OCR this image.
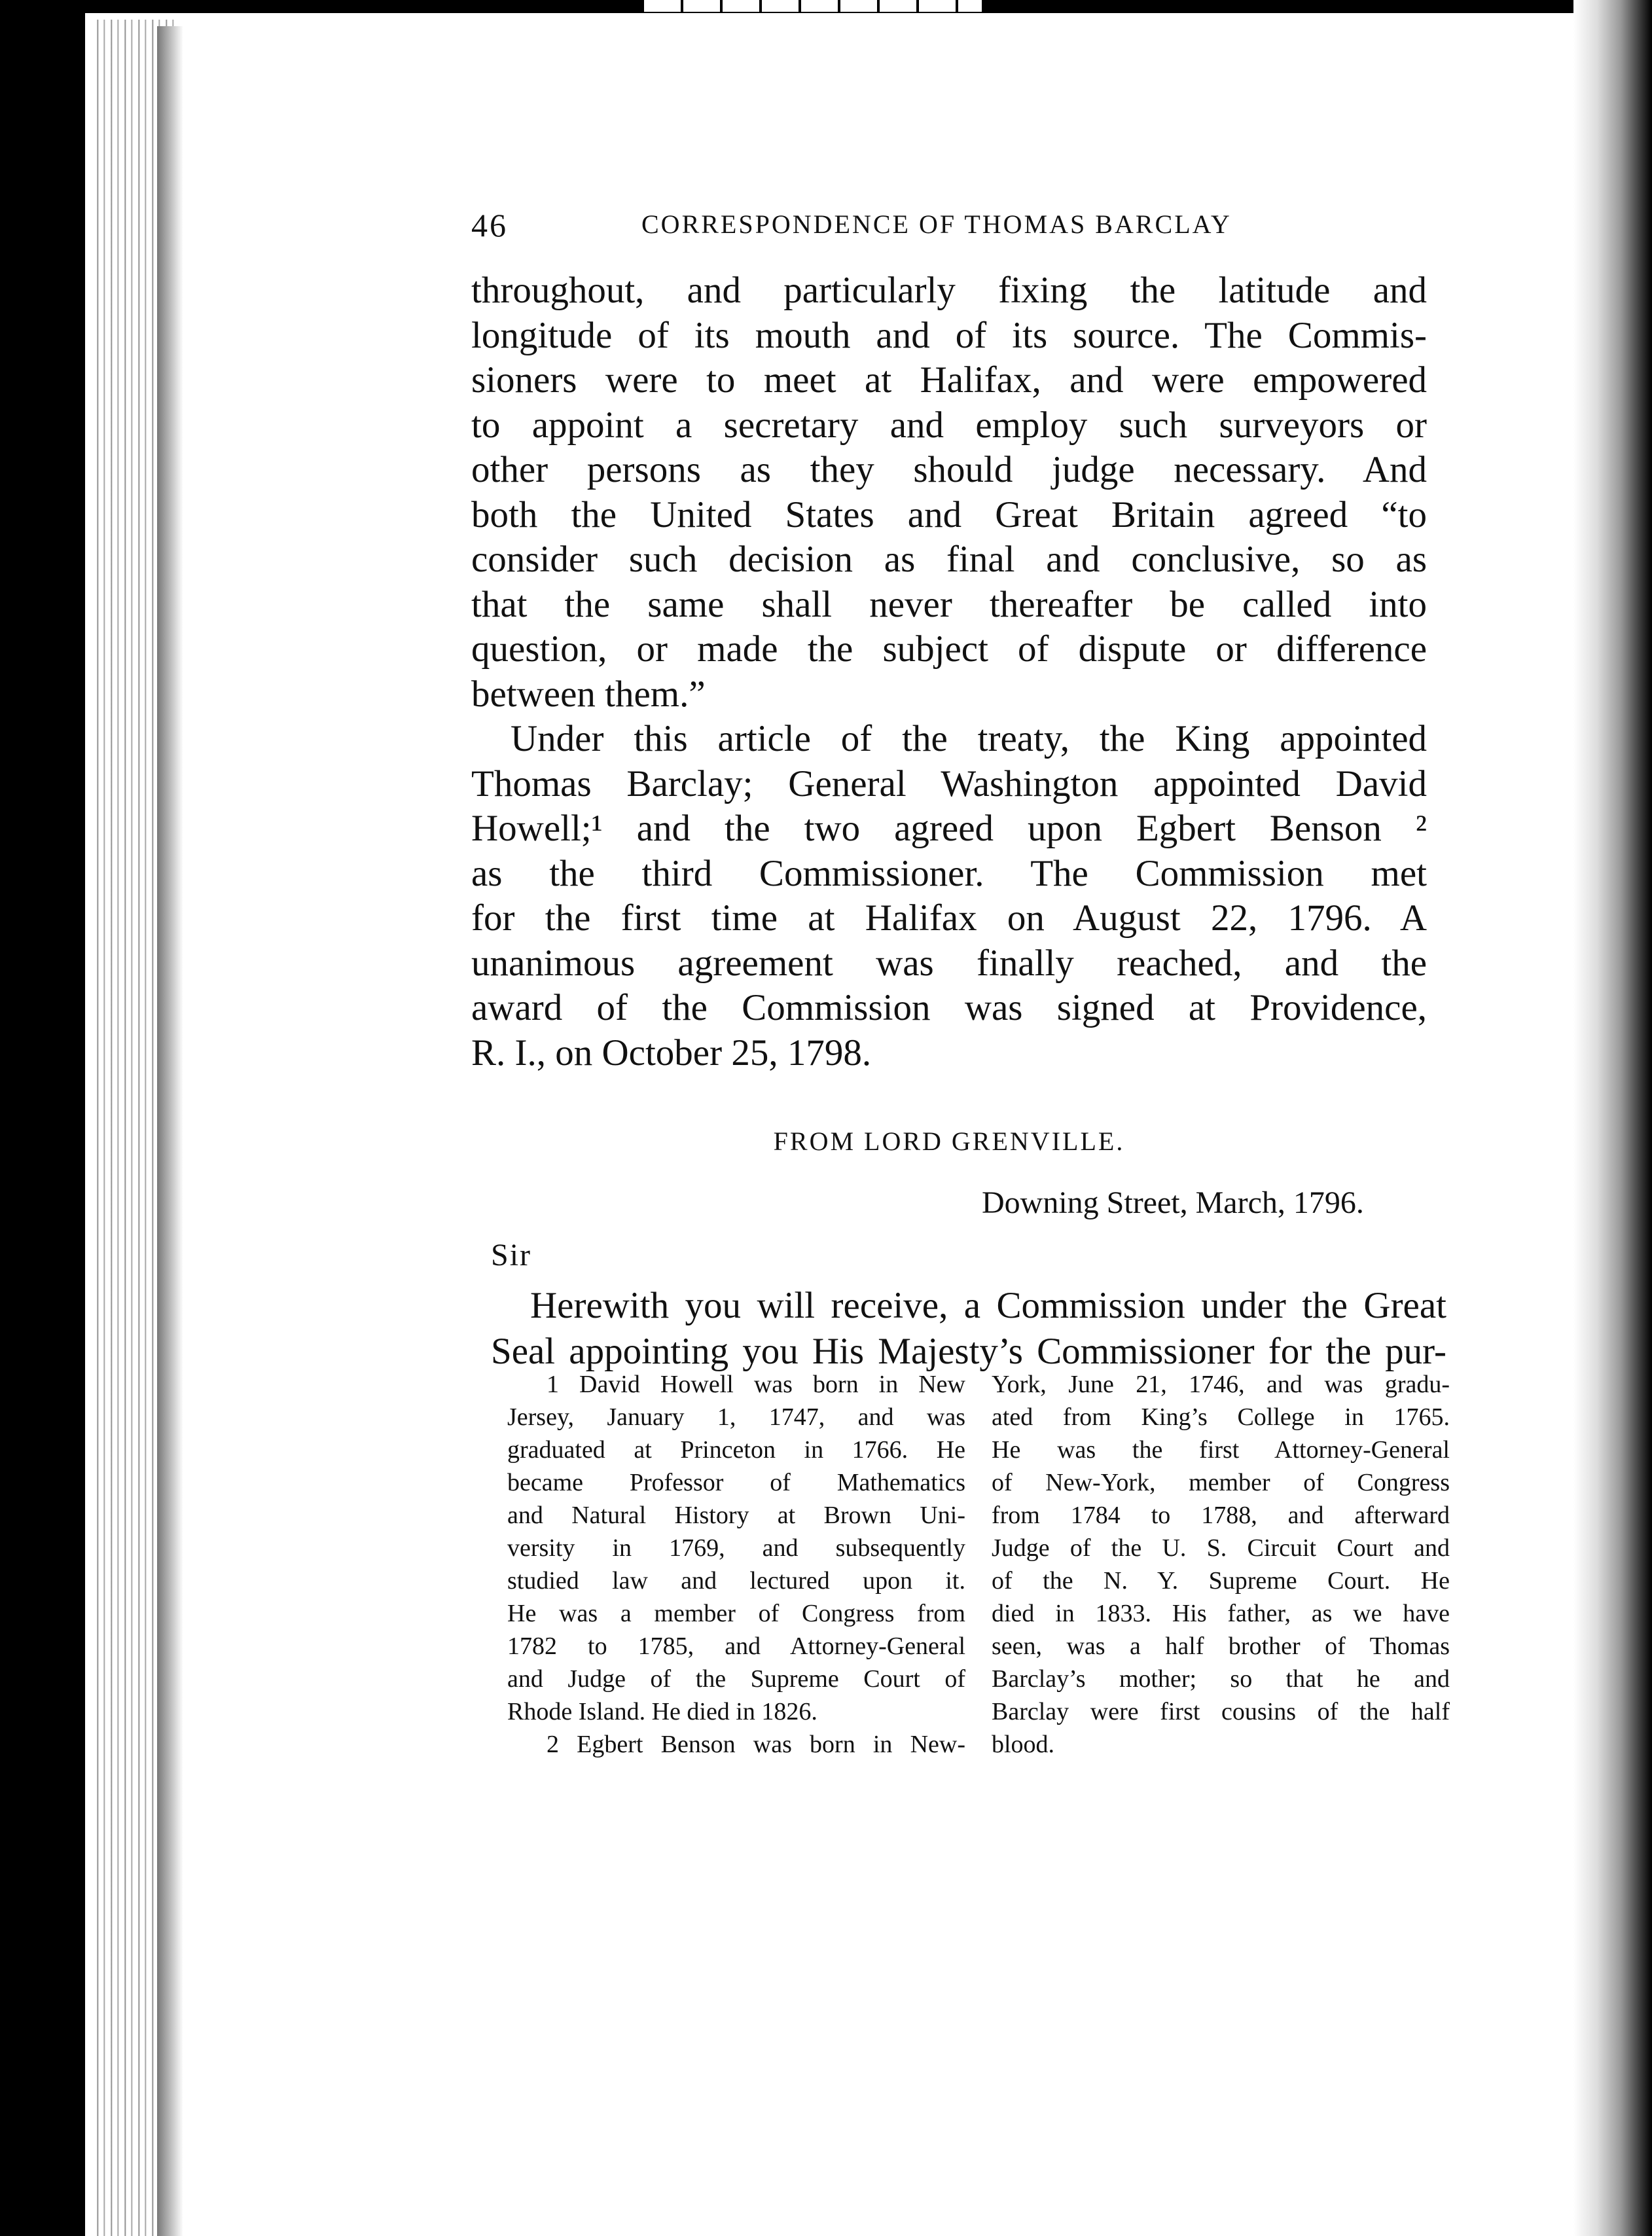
46	CORRESPONDENCE OF THOMAS BARCLAY
throughout, and particularly fixing the latitude and
longitude of its mouth and of its source. The Commis-
sioners were to meet at Halifax, and were empowered
to appoint a secretary and employ such surveyors or
other persons as they should judge necessary. And
both the United States and Great Britain agreed “to
consider such decision as final and conclusive, so as
that the same shall never thereafter be called into
question, or made the subject of dispute or difference
between them.”
Under this article of the treaty, the King appointed
Thomas Barclay; General Washington appointed David
Howell;¹ and the two agreed upon Egbert Benson ²
as the third Commissioner. The Commission met
for the first time at Halifax on August 22, 1796. A
unanimous agreement was finally reached, and the
award of the Commission was signed at Providence,
R. I., on October 25, 1798.
FROM LORD GRENVILLE.
Downing Street, March, 1796.
Sir
Herewith you will receive, a Commission under the Great
Seal appointing you His Majesty’s Commissioner for the pur-
1 David Howell was born in New
Jersey, January 1, 1747, and was
graduated at Princeton in 1766. He
became Professor of Mathematics
and Natural History at Brown Uni-
versity in 1769, and subsequently
studied law and lectured upon it.
He was a member of Congress from
1782 to 1785, and Attorney-General
and Judge of the Supreme Court of
Rhode Island. He died in 1826.
2 Egbert Benson was born in New-
York, June 21, 1746, and was gradu-
ated from King’s College in 1765.
He was the first Attorney-General
of New-York, member of Congress
from 1784 to 1788, and afterward
Judge of the U. S. Circuit Court and
of the N. Y. Supreme Court. He
died in 1833. His father, as we have
seen, was a half brother of Thomas
Barclay’s mother; so that he and
Barclay were first cousins of the half
blood.
